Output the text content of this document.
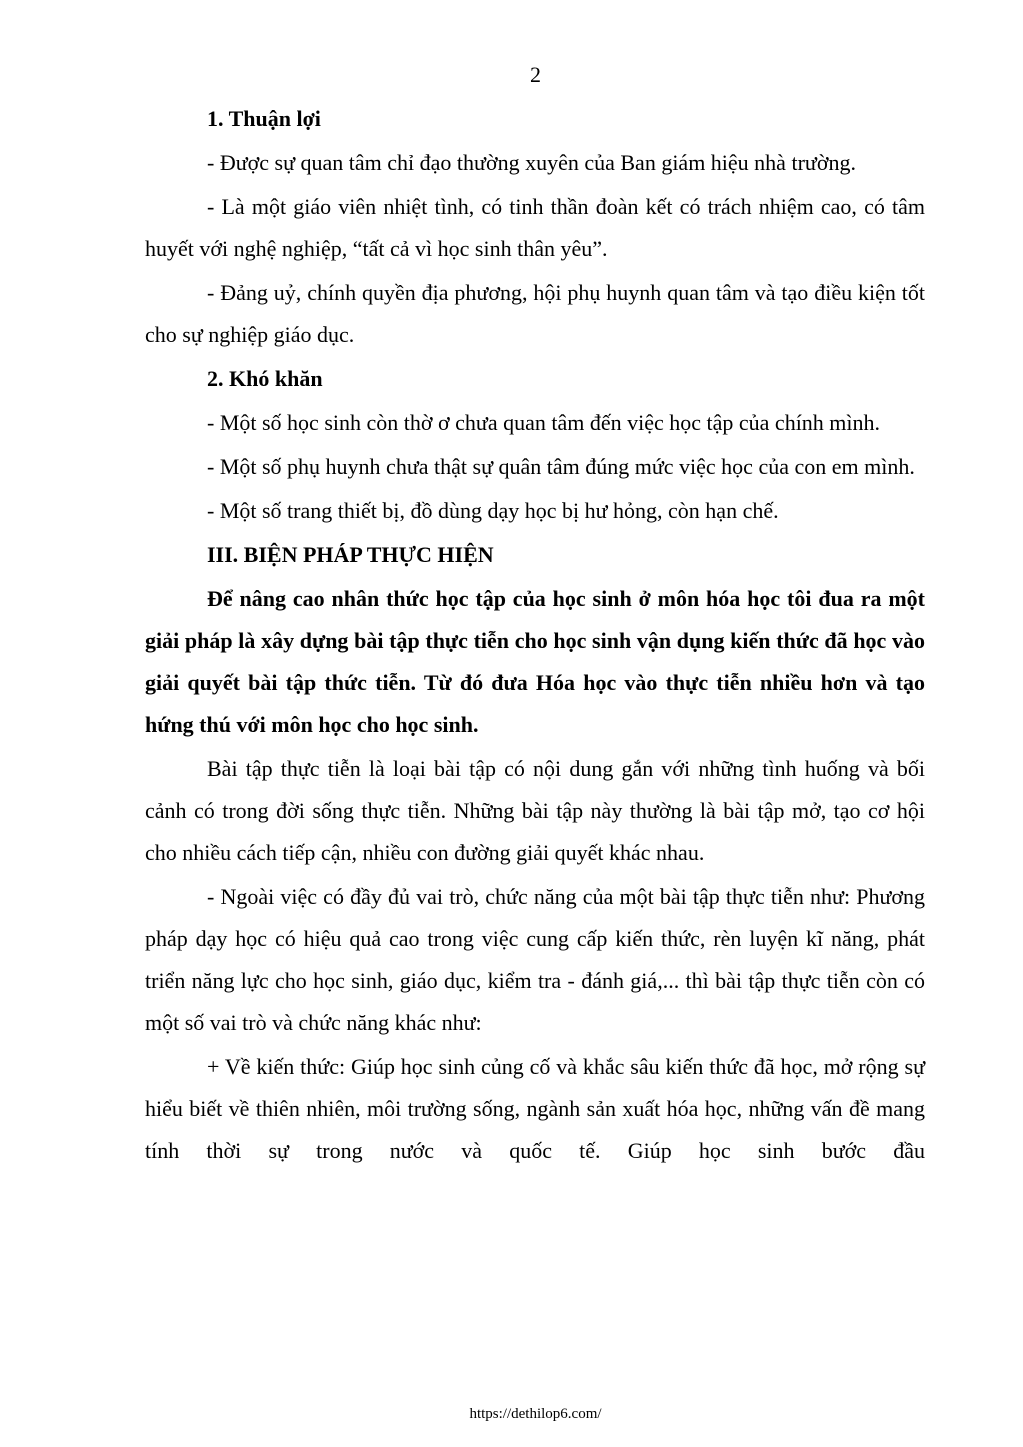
2
1. Thuận lợi

- Được sự quan tâm chỉ đạo thường xuyên của Ban giám hiệu nhà trường.

- Là một giáo viên nhiệt tình, có tinh thần đoàn kết có trách nhiệm cao, có tâm huyết với nghệ nghiệp, “tất cả vì học sinh thân yêu”.

- Đảng uỷ, chính quyền địa phương, hội phụ huynh quan tâm và tạo điều kiện tốt cho sự nghiệp giáo dục.

2. Khó khăn

- Một số học sinh còn thờ ơ chưa quan tâm đến việc học tập của chính mình.

- Một số phụ huynh chưa thật sự quân tâm đúng mức việc học của con em mình.

- Một số trang thiết bị, đồ dùng dạy học bị hư hỏng, còn hạn chế.

III. BIỆN PHÁP THỰC HIỆN

Để nâng cao nhân thức học tập của học sinh ở môn hóa học tôi đua ra một giải pháp là xây dựng bài tập thực tiễn cho học sinh vận dụng kiến thức đã học vào giải quyết bài tập thức tiễn. Từ đó đưa Hóa học vào thực tiễn nhiều hơn và tạo hứng thú với môn học cho học sinh.

Bài tập thực tiễn là loại bài tập có nội dung gắn với những tình huống và bối cảnh có trong đời sống thực tiễn. Những bài tập này thường là bài tập mở, tạo cơ hội cho nhiều cách tiếp cận, nhiều con đường giải quyết khác nhau.

- Ngoài việc có đầy đủ vai trò, chức năng của một bài tập thực tiễn như: Phương pháp dạy học có hiệu quả cao trong việc cung cấp kiến thức, rèn luyện kĩ năng, phát triển năng lực cho học sinh, giáo dục, kiểm tra - đánh giá,... thì bài tập thực tiễn còn có một số vai trò và chức năng khác như:

+ Về kiến thức: Giúp học sinh củng cố và khắc sâu kiến thức đã học, mở rộng sự hiểu biết về thiên nhiên, môi trường sống, ngành sản xuất hóa học, những vấn đề mang tính thời sự trong nước và quốc tế. Giúp học sinh bước đầu

https://dethilop6.com/
